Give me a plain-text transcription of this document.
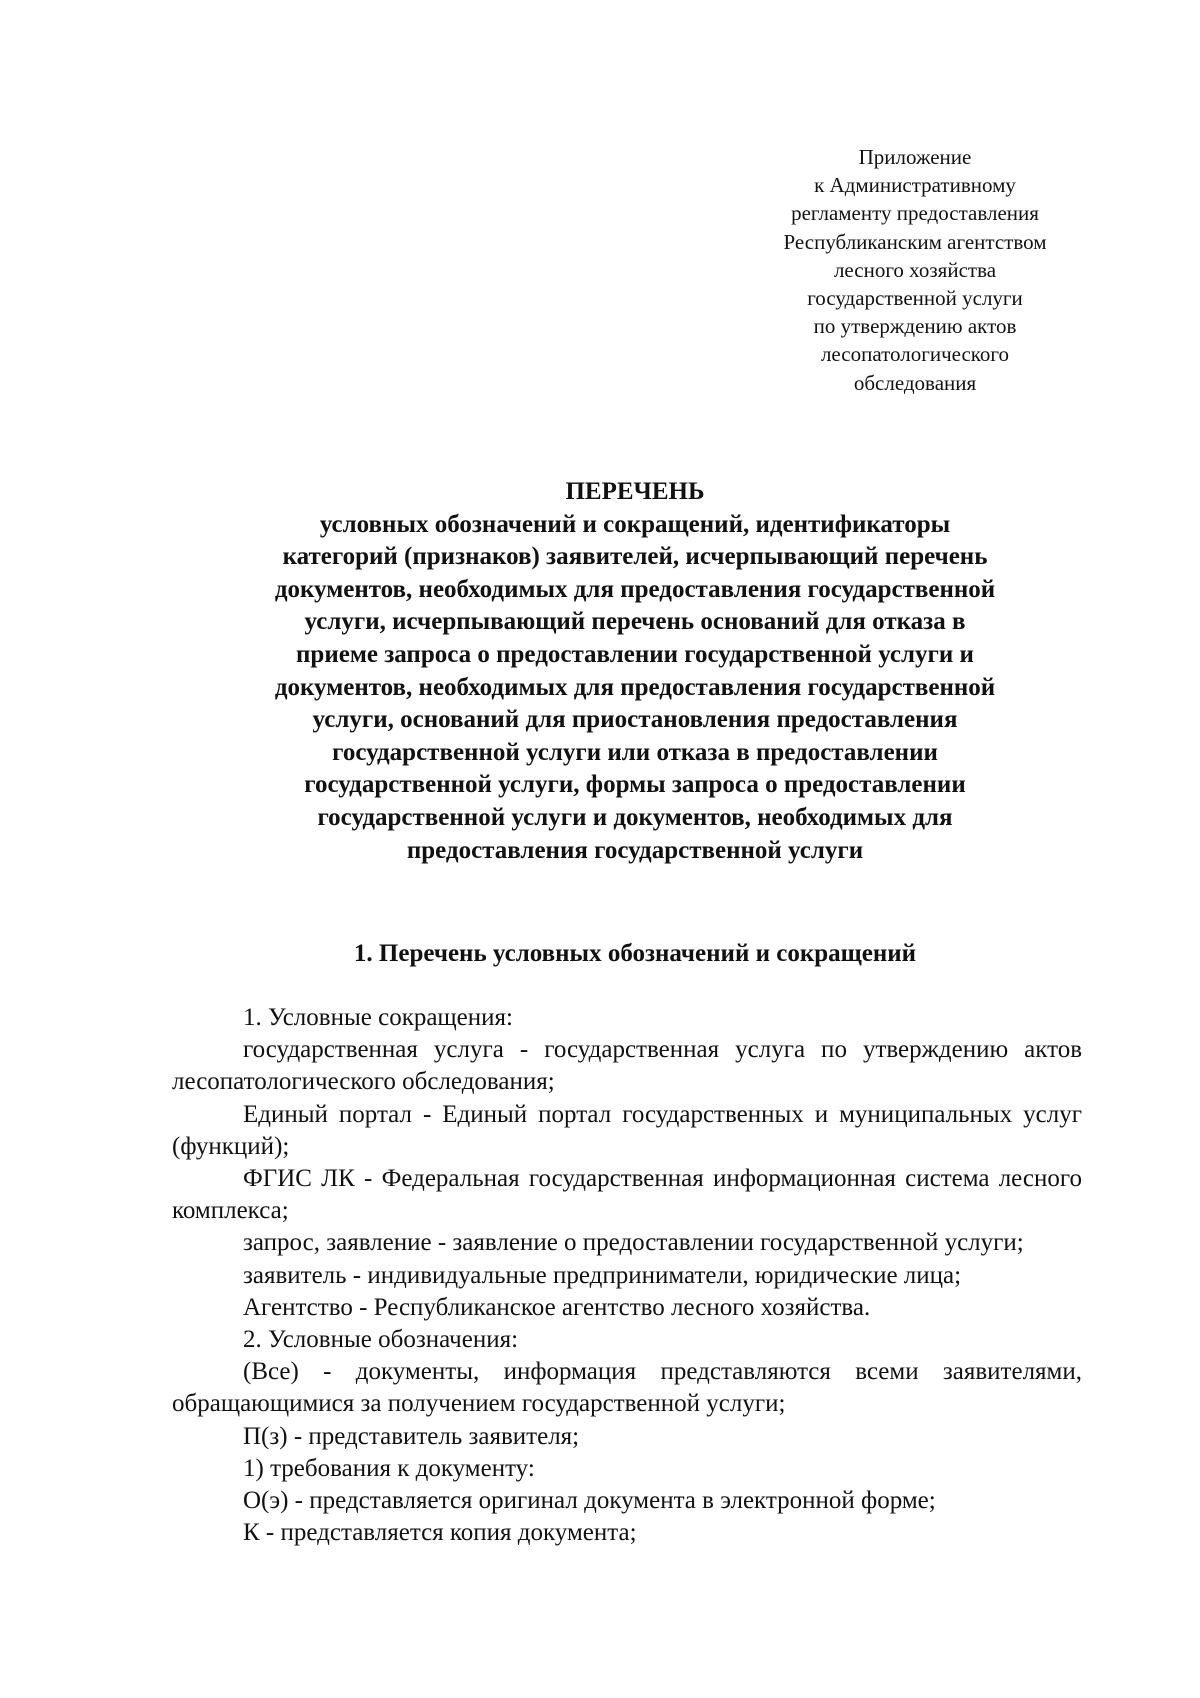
Приложение
к Административному
регламенту предоставления
Республиканским агентством
лесного хозяйства
государственной услуги
по утверждению актов
лесопатологического
обследования
ПЕРЕЧЕНЬ
условных обозначений и сокращений, идентификаторы
категорий (признаков) заявителей, исчерпывающий перечень
документов, необходимых для предоставления государственной
услуги, исчерпывающий перечень оснований для отказа в
приеме запроса о предоставлении государственной услуги и
документов, необходимых для предоставления государственной
услуги, оснований для приостановления предоставления
государственной услуги или отказа в предоставлении
государственной услуги, формы запроса о предоставлении
государственной услуги и документов, необходимых для
предоставления государственной услуги
1. Перечень условных обозначений и сокращений

1. Условные сокращения:

государственная услуга - государственная услуга по утверждению актов лесопатологического обследования;

Единый портал - Единый портал государственных и муниципальных услуг (функций);

ФГИС ЛК - Федеральная государственная информационная система лесного комплекса;

запрос, заявление - заявление о предоставлении государственной услуги;

заявитель - индивидуальные предприниматели, юридические лица;

Агентство - Республиканское агентство лесного хозяйства.

2. Условные обозначения:

(Все) - документы, информация представляются всеми заявителями, обращающимися за получением государственной услуги;

П(з) - представитель заявителя;

1) требования к документу:

О(э) - представляется оригинал документа в электронной форме;

К - представляется копия документа;
